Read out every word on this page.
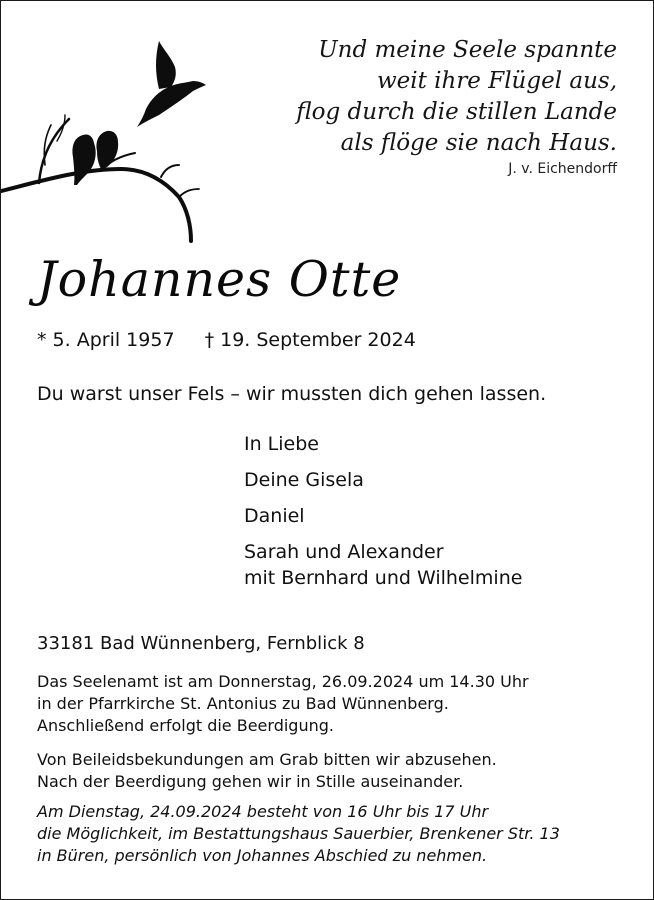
Und meine Seele spannte
weit ihre Flügel aus,
flog durch die stillen Lande
als flöge sie nach Haus.
J. v. Eichendorff
Johannes Otte
* 5. April 1957 † 19. September 2024
Du warst unser Fels – wir mussten dich gehen lassen.
In Liebe
Deine Gisela
Daniel
Sarah und Alexander
mit Bernhard und Wilhelmine
33181 Bad Wünnenberg, Fernblick 8
Das Seelenamt ist am Donnerstag, 26.09.2024 um 14.30 Uhr
in der Pfarrkirche St. Antonius zu Bad Wünnenberg.
Anschließend erfolgt die Beerdigung.
Von Beileidsbekundungen am Grab bitten wir abzusehen.
Nach der Beerdigung gehen wir in Stille auseinander.
Am Dienstag, 24.09.2024 besteht von 16 Uhr bis 17 Uhr
die Möglichkeit, im Bestattungshaus Sauerbier, Brenkener Str. 13
in Büren, persönlich von Johannes Abschied zu nehmen.
